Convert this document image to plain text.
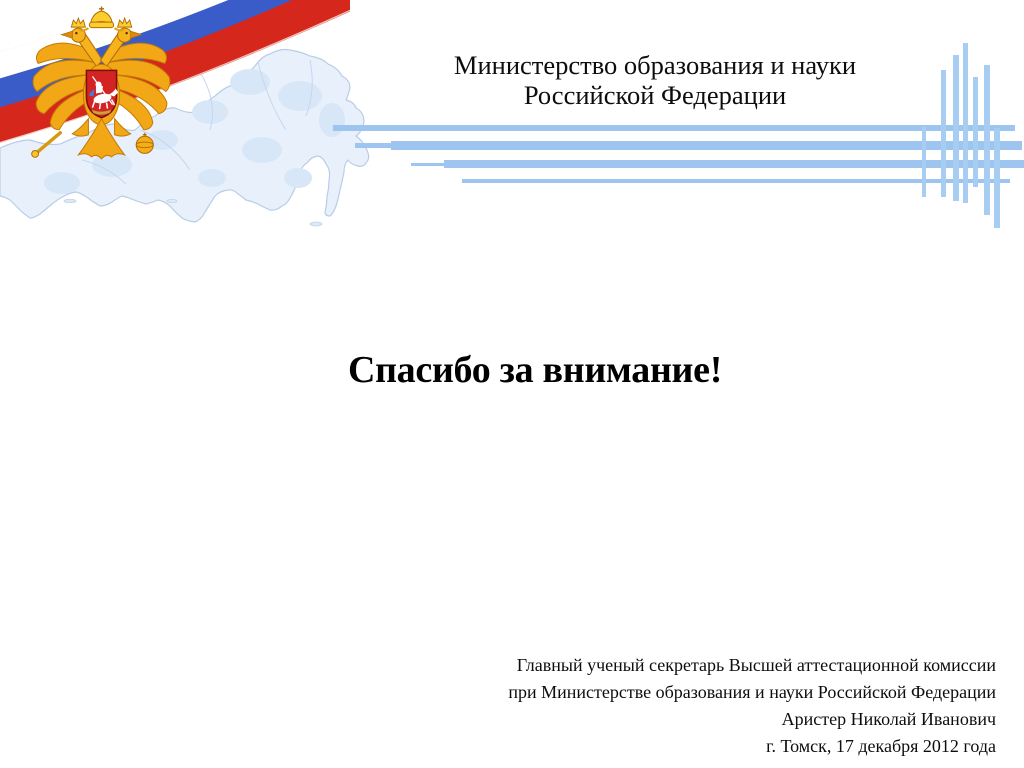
Министерство образования и науки
Российской Федерации
Спасибо за внимание!

Главный ученый секретарь Высшей аттестационной комиссии

при Министерстве образования и науки Российской Федерации

Аристер Николай Иванович

г. Томск, 17 декабря 2012 года
